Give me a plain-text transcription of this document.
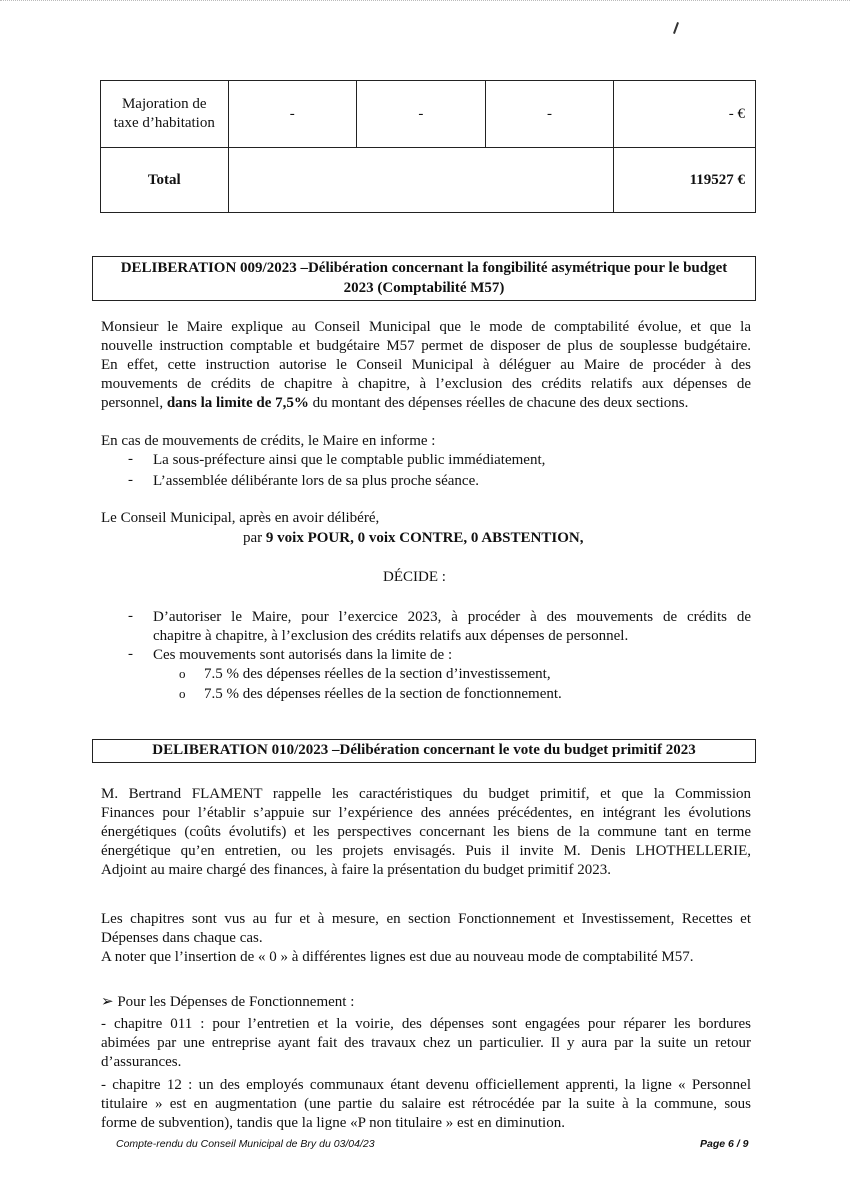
Majoration de
taxe d’habitation	-	-	-	- €
Total				119527 €
DELIBERATION 009/2023 –Délibération concernant la fongibilité asymétrique pour le budget
2023 (Comptabilité M57)
Monsieur le Maire explique au Conseil Municipal que le mode de comptabilité évolue, et que la
nouvelle instruction comptable et budgétaire M57 permet de disposer de plus de souplesse budgétaire.
En effet, cette instruction autorise le Conseil Municipal à déléguer au Maire de procéder à des
mouvements de crédits de chapitre à chapitre, à l’exclusion des crédits relatifs aux dépenses de
personnel, dans la limite de 7,5% du montant des dépenses réelles de chacune des deux sections.
En cas de mouvements de crédits, le Maire en informe :
-	La sous-préfecture ainsi que le comptable public immédiatement,
-	L’assemblée délibérante lors de sa plus proche séance.
Le Conseil Municipal, après en avoir délibéré,
par 9 voix POUR, 0 voix CONTRE, 0 ABSTENTION,
DÉCIDE :
-	D’autoriser le Maire, pour l’exercice 2023, à procéder à des mouvements de crédits de
chapitre à chapitre, à l’exclusion des crédits relatifs aux dépenses de personnel.
-	Ces mouvements sont autorisés dans la limite de :
o 7.5 % des dépenses réelles de la section d’investissement,
o 7.5 % des dépenses réelles de la section de fonctionnement.
DELIBERATION 010/2023 –Délibération concernant le vote du budget primitif 2023
M. Bertrand FLAMENT rappelle les caractéristiques du budget primitif, et que la Commission
Finances pour l’établir s’appuie sur l’expérience des années précédentes, en intégrant les évolutions
énergétiques (coûts évolutifs) et les perspectives concernant les biens de la commune tant en terme
énergétique qu’en entretien, ou les projets envisagés. Puis il invite M. Denis LHOTHELLERIE,
Adjoint au maire chargé des finances, à faire la présentation du budget primitif 2023.
Les chapitres sont vus au fur et à mesure, en section Fonctionnement et Investissement, Recettes et
Dépenses dans chaque cas.
A noter que l’insertion de « 0 » à différentes lignes est due au nouveau mode de comptabilité M57.
➢ Pour les Dépenses de Fonctionnement :
- chapitre 011 : pour l’entretien et la voirie, des dépenses sont engagées pour réparer les bordures
abimées par une entreprise ayant fait des travaux chez un particulier. Il y aura par la suite un retour
d’assurances.
- chapitre 12 : un des employés communaux étant devenu officiellement apprenti, la ligne « Personnel
titulaire » est en augmentation (une partie du salaire est rétrocédée par la suite à la commune, sous
forme de subvention), tandis que la ligne «P non titulaire » est en diminution.
Compte-rendu du Conseil Municipal de Bry du 03/04/23	Page 6 / 9
